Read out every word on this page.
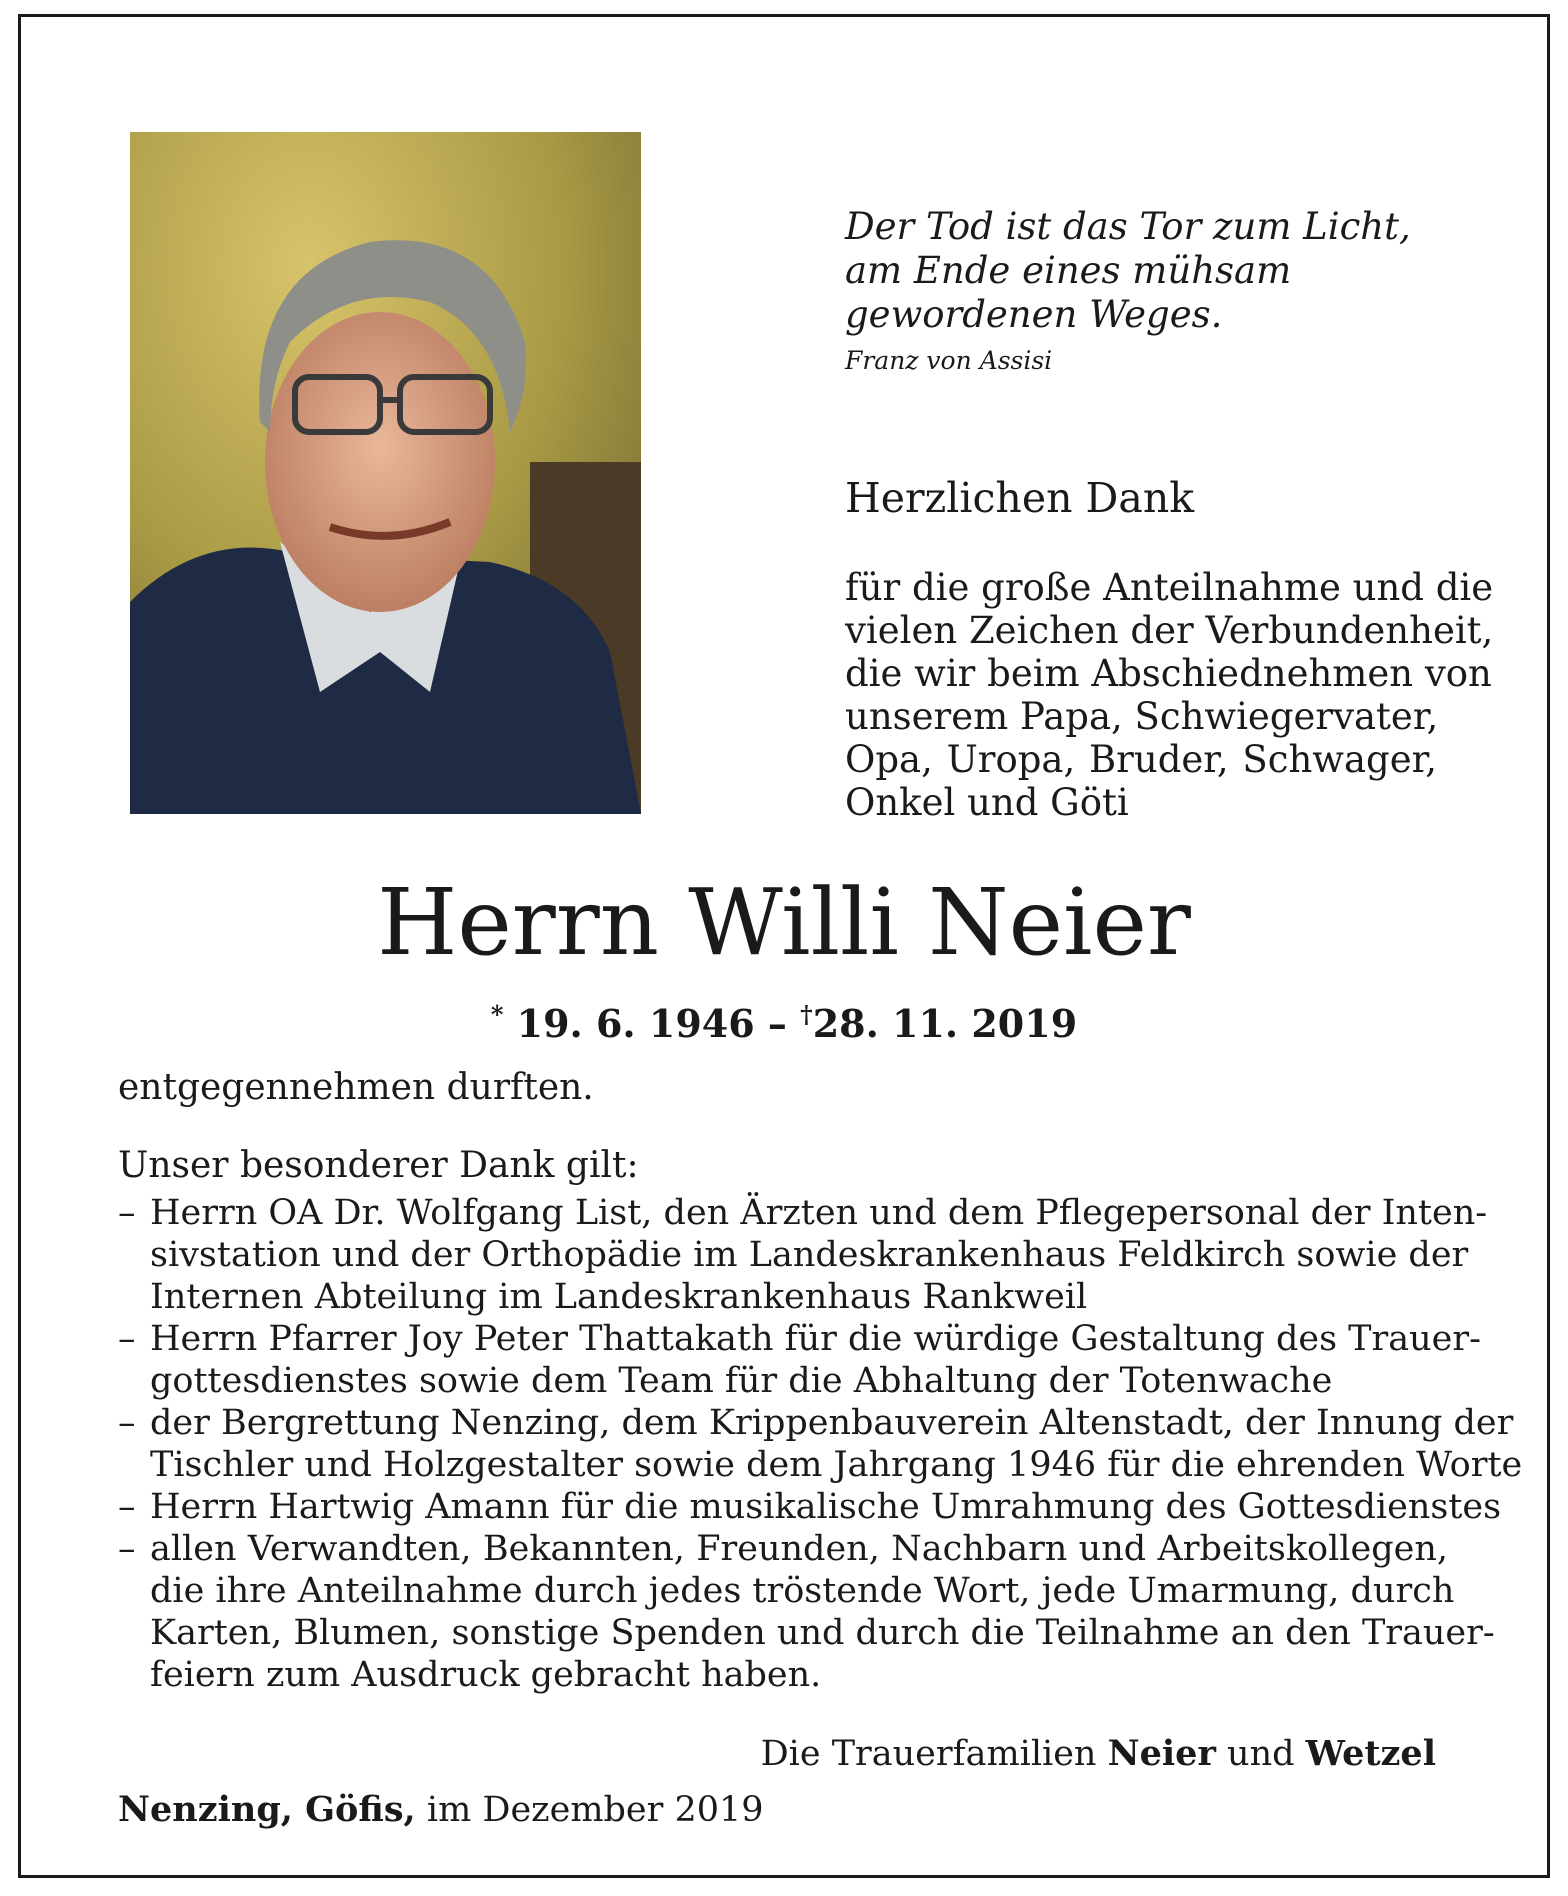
Der Tod ist das Tor zum Licht,
am Ende eines mühsam
gewordenen Weges.
Franz von Assisi
Herzlichen Dank
für die große Anteilnahme und die
vielen Zeichen der Verbundenheit,
die wir beim Abschiednehmen von
unserem Papa, Schwiegervater,
Opa, Uropa, Bruder, Schwager,
Onkel und Göti
Herrn Willi Neier
* 19. 6. 1946 – †28. 11. 2019
entgegennehmen durften.
Unser besonderer Dank gilt:
– Herrn OA Dr. Wolfgang List, den Ärzten und dem Pflegepersonal der Inten-
sivstation und der Orthopädie im Landeskrankenhaus Feldkirch sowie der
Internen Abteilung im Landeskrankenhaus Rankweil
– Herrn Pfarrer Joy Peter Thattakath für die würdige Gestaltung des Trauer-
gottesdienstes sowie dem Team für die Abhaltung der Totenwache
– der Bergrettung Nenzing, dem Krippenbauverein Altenstadt, der Innung der
Tischler und Holzgestalter sowie dem Jahrgang 1946 für die ehrenden Worte
– Herrn Hartwig Amann für die musikalische Umrahmung des Gottesdienstes
– allen Verwandten, Bekannten, Freunden, Nachbarn und Arbeitskollegen,
die ihre Anteilnahme durch jedes tröstende Wort, jede Umarmung, durch
Karten, Blumen, sonstige Spenden und durch die Teilnahme an den Trauer-
feiern zum Ausdruck gebracht haben.
Die Trauerfamilien Neier und Wetzel
Nenzing, Göfis, im Dezember 2019
